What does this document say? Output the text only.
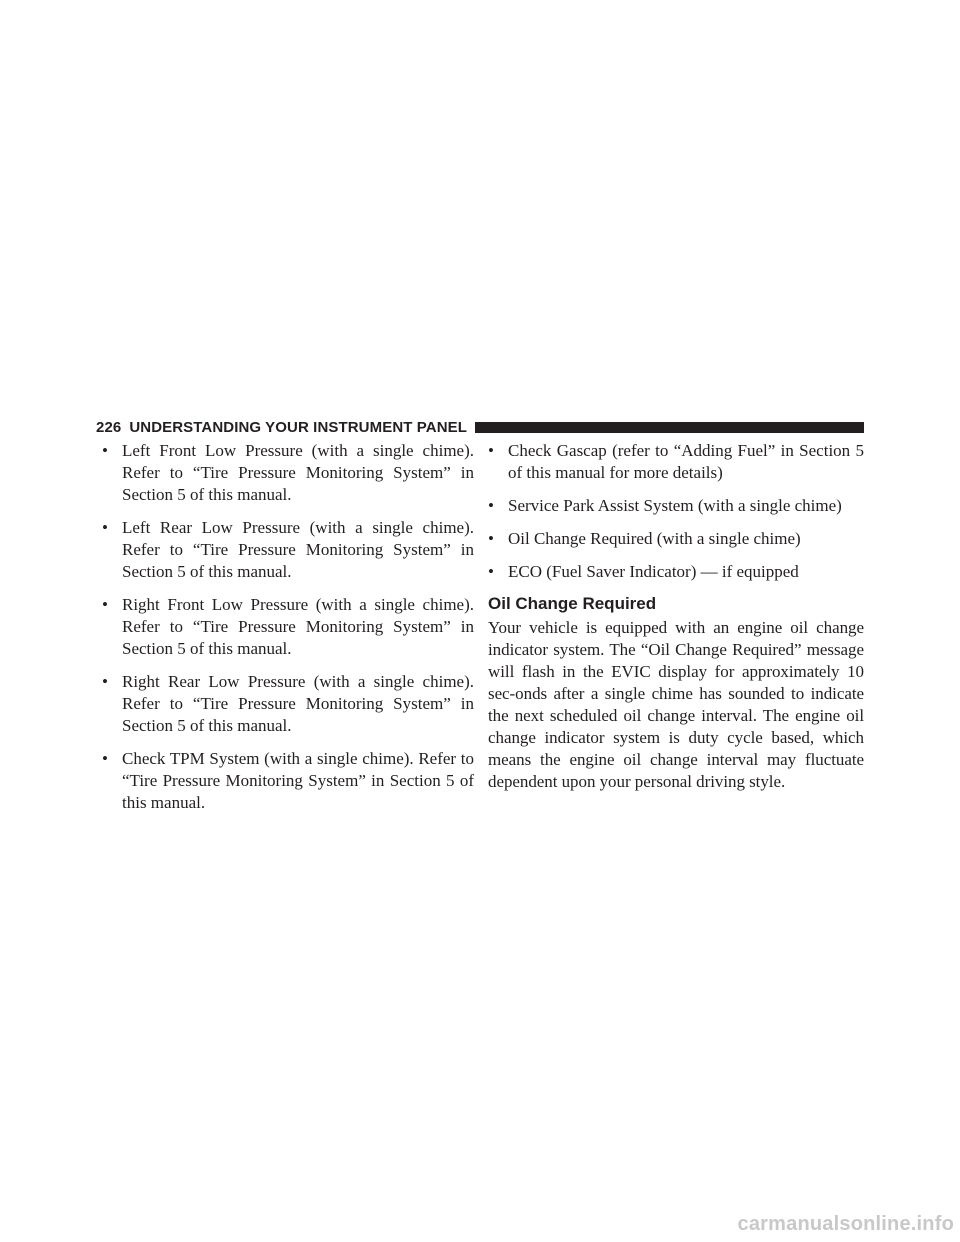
226 UNDERSTANDING YOUR INSTRUMENT PANEL
• Left Front Low Pressure (with a single chime). Refer to “Tire Pressure Monitoring System” in Section 5 of this manual.
• Left Rear Low Pressure (with a single chime). Refer to “Tire Pressure Monitoring System” in Section 5 of this manual.
• Right Front Low Pressure (with a single chime). Refer to “Tire Pressure Monitoring System” in Section 5 of this manual.
• Right Rear Low Pressure (with a single chime). Refer to “Tire Pressure Monitoring System” in Section 5 of this manual.
• Check TPM System (with a single chime). Refer to “Tire Pressure Monitoring System” in Section 5 of this manual.
• Check Gascap (refer to “Adding Fuel” in Section 5 of this manual for more details)
• Service Park Assist System (with a single chime)
• Oil Change Required (with a single chime)
• ECO (Fuel Saver Indicator) — if equipped
Oil Change Required

Your vehicle is equipped with an engine oil change indicator system. The “Oil Change Required” message will flash in the EVIC display for approximately 10 sec-onds after a single chime has sounded to indicate the next scheduled oil change interval. The engine oil change indicator system is duty cycle based, which means the engine oil change interval may fluctuate dependent upon your personal driving style.

carmanualsonline.info
